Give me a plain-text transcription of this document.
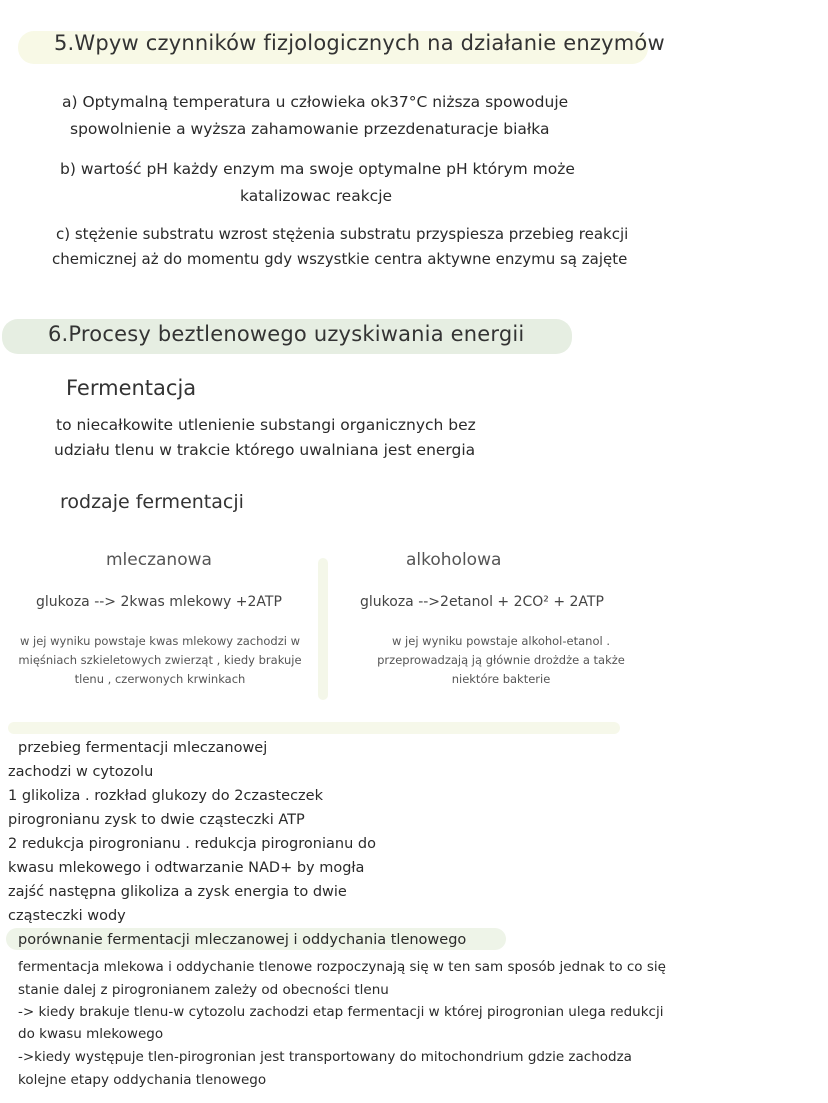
5.Wpyw czynników fizjologicznych na działanie enzymów
a) Optymalną temperatura u człowieka ok37°C niższa spowoduje
spowolnienie a wyższa zahamowanie przezdenaturacje białka
b) wartość pH każdy enzym ma swoje optymalne pH którym może
katalizowac reakcje
c) stężenie substratu wzrost stężenia substratu przyspiesza przebieg reakcji
chemicznej aż do momentu gdy wszystkie centra aktywne enzymu są zajęte
6.Procesy beztlenowego uzyskiwania energii
Fermentacja
to niecałkowite utlenienie substangi organicznych bez
udziału tlenu w trakcie którego uwalniana jest energia
rodzaje fermentacji
mleczanowa
glukoza --> 2kwas mlekowy +2ATP
w jej wyniku powstaje kwas mlekowy zachodzi w mięśniach szkieletowych zwierząt , kiedy brakuje tlenu , czerwonych krwinkach
alkoholowa
glukoza -->2etanol + 2CO² + 2ATP
w jej wyniku powstaje alkohol-etanol . przeprowadzają ją głównie drożdże a także niektóre bakterie
przebieg fermentacji mleczanowej
zachodzi w cytozolu
1 glikoliza . rozkład glukozy do 2czasteczek
pirogronianu zysk to dwie cząsteczki ATP
2 redukcja pirogronianu . redukcja pirogronianu do
kwasu mlekowego i odtwarzanie NAD+ by mogła
zajść następna glikoliza a zysk energia to dwie
cząsteczki wody
porównanie fermentacji mleczanowej i oddychania tlenowego
fermentacja mlekowa i oddychanie tlenowe rozpoczynają się w ten sam sposób jednak to co się
stanie dalej z pirogronianem zależy od obecności tlenu
-> kiedy brakuje tlenu-w cytozolu zachodzi etap fermentacji w której pirogronian ulega redukcji
do kwasu mlekowego
->kiedy występuje tlen-pirogronian jest transportowany do mitochondrium gdzie zachodza
kolejne etapy oddychania tlenowego
